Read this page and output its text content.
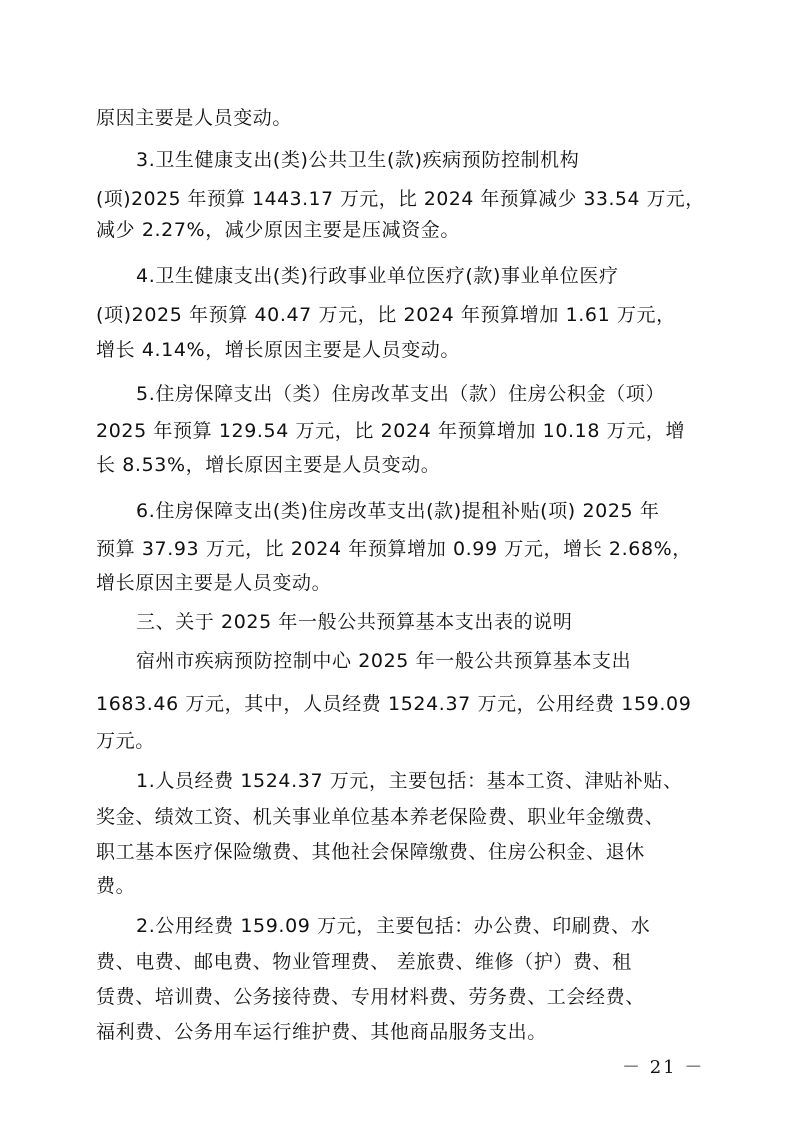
原因主要是人员变动。
3.卫生健康支出(类)公共卫生(款)疾病预防控制机构
(项)2025 年预算 1443.17 万元，比 2024 年预算减少 33.54 万元，
减少 2.27%，减少原因主要是压减资金。
4.卫生健康支出(类)行政事业单位医疗(款)事业单位医疗
(项)2025 年预算 40.47 万元，比 2024 年预算增加 1.61 万元，
增长 4.14%，增长原因主要是人员变动。
5.住房保障支出（类）住房改革支出（款）住房公积金（项）
2025 年预算 129.54 万元，比 2024 年预算增加 10.18 万元，增
长 8.53%，增长原因主要是人员变动。
6.住房保障支出(类)住房改革支出(款)提租补贴(项) 2025 年
预算 37.93 万元，比 2024 年预算增加 0.99 万元，增长 2.68%，
增长原因主要是人员变动。
三、关于 2025 年一般公共预算基本支出表的说明
宿州市疾病预防控制中心 2025 年一般公共预算基本支出
1683.46 万元，其中，人员经费 1524.37 万元，公用经费 159.09
万元。
1.人员经费 1524.37 万元，主要包括：基本工资、津贴补贴、
奖金、绩效工资、机关事业单位基本养老保险费、职业年金缴费、
职工基本医疗保险缴费、其他社会保障缴费、住房公积金、退休
费。
2.公用经费 159.09 万元，主要包括：办公费、印刷费、水
费、电费、邮电费、物业管理费、 差旅费、维修（护）费、租
赁费、培训费、公务接待费、专用材料费、劳务费、工会经费、
福利费、公务用车运行维护费、其他商品服务支出。
－ 21 －
